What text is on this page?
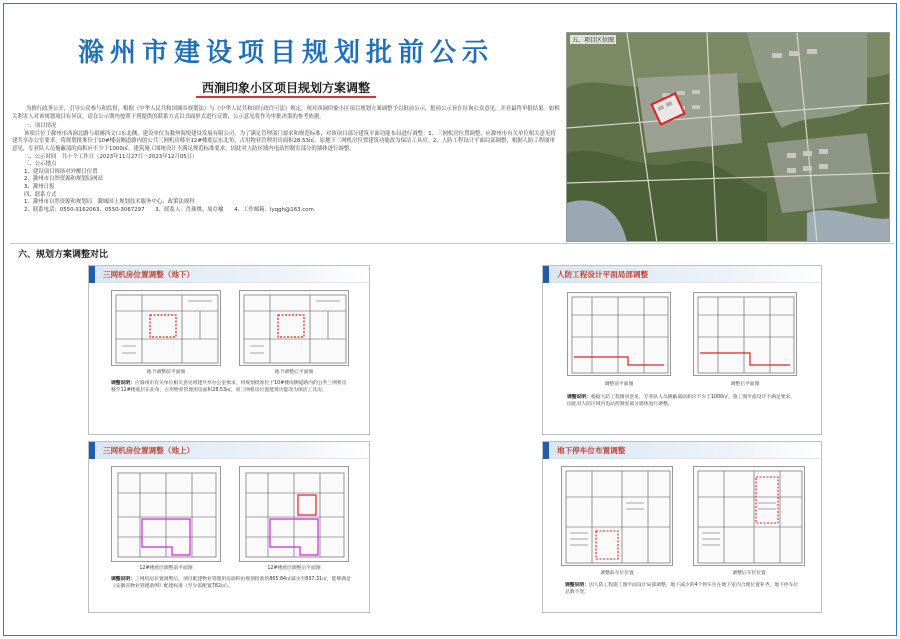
滁州市建设项目规划批前公示
西涧印象小区项目规划方案调整
为推行政务公开，引导公众参与和监督，根据《中华人民共和国城乡规划法》与《中华人民共和国行政许可法》规定，现对西涧印象小区项目规划方案调整予以批前公示，批前公示旨在征询公众意见，并非最终审批结果。如相关利害人对该规划项目有异议，请在公示期内按照下列提供的联系方式以书面形式进行反馈，公示意见将作为审批决策的参考依据。

一、项目情况

该项目位于滁州市西涧北路与琅琊西文口东北侧，建设单位为滁州海悦建设发展有限公司，为了满足管理部门要求和规范标准，对该项目部分建筑平面功能布局进行调整：1、三网机房位置调整，应滁州市有关单位相关意见将建共享办公室要求，将规划批准位于10#楼南侧道路内的公共三网机房移至12#楼底层东北角，占用物业管理用房面积28.53㎡。原地下三网机房位置建筑功能改为保洁工具房。2、人防工程设计平面局部调整，根据人防工程图审意见，专业队人员掩蔽部的面积应不少于1000㎡，建筑施工图统设计不满足规范标准要求，因此对人防区域内电站控制室部分的墙体进行调整。

二、公示时间　共十个工作日（2023年11月27日－2023年12月05日）

三、公示地点

1、建设项目现场对外醒目位置

2、滁州市自然资源和规划局网站

3、滁州日报

四、联系方式

1、滁州市自然资源和规划局　滁城国土规划技术服务中心、政策法规科

2、联系电话：0550-3162063、0550-3067297　　3、联系人：肖珠棋、周存榆　　4、工作邮箱：lyqgh@163.com

五、项目区位图
六、规划方案调整对比
三网机房位置调整（地下）
地下调整前平面图	地下调整后平面图
调整说明：应滁州市有关单位相关意见将建共享办公室要求，将规划批准位于10#楼南侧道路内的公共三网机房移至12#楼底层东北角，占用物业管理用房面积28.53㎡，原三网机房位置建筑功能改为保洁工具房。
三网机房位置调整（地上）
12#楼底层调整前平面图	12#楼底层调整后平面图
调整说明：三网机房位置调整后，项目配建物业管理用房面积由规划批准的865.84㎡减少至837.31㎡，能够满足《安徽省物业管理条例》配建标准（至少需配置782㎡）。
人防工程设计平面局部调整
调整前平面图	调整后平面图
调整说明：根据人防工程图审意见，专业队人员掩蔽部面积应不少于1000㎡，施工图平面设计不满足要求，因此对人防区域内电站控制室部分墙体进行调整。
地下停车位布置调整
调整前车位位置	调整后车位位置
调整说明：因人防工程施工图平面设计局部调整，地下减少的4个停车位在地下室内合理位置补齐，地下停车位总数不变。
